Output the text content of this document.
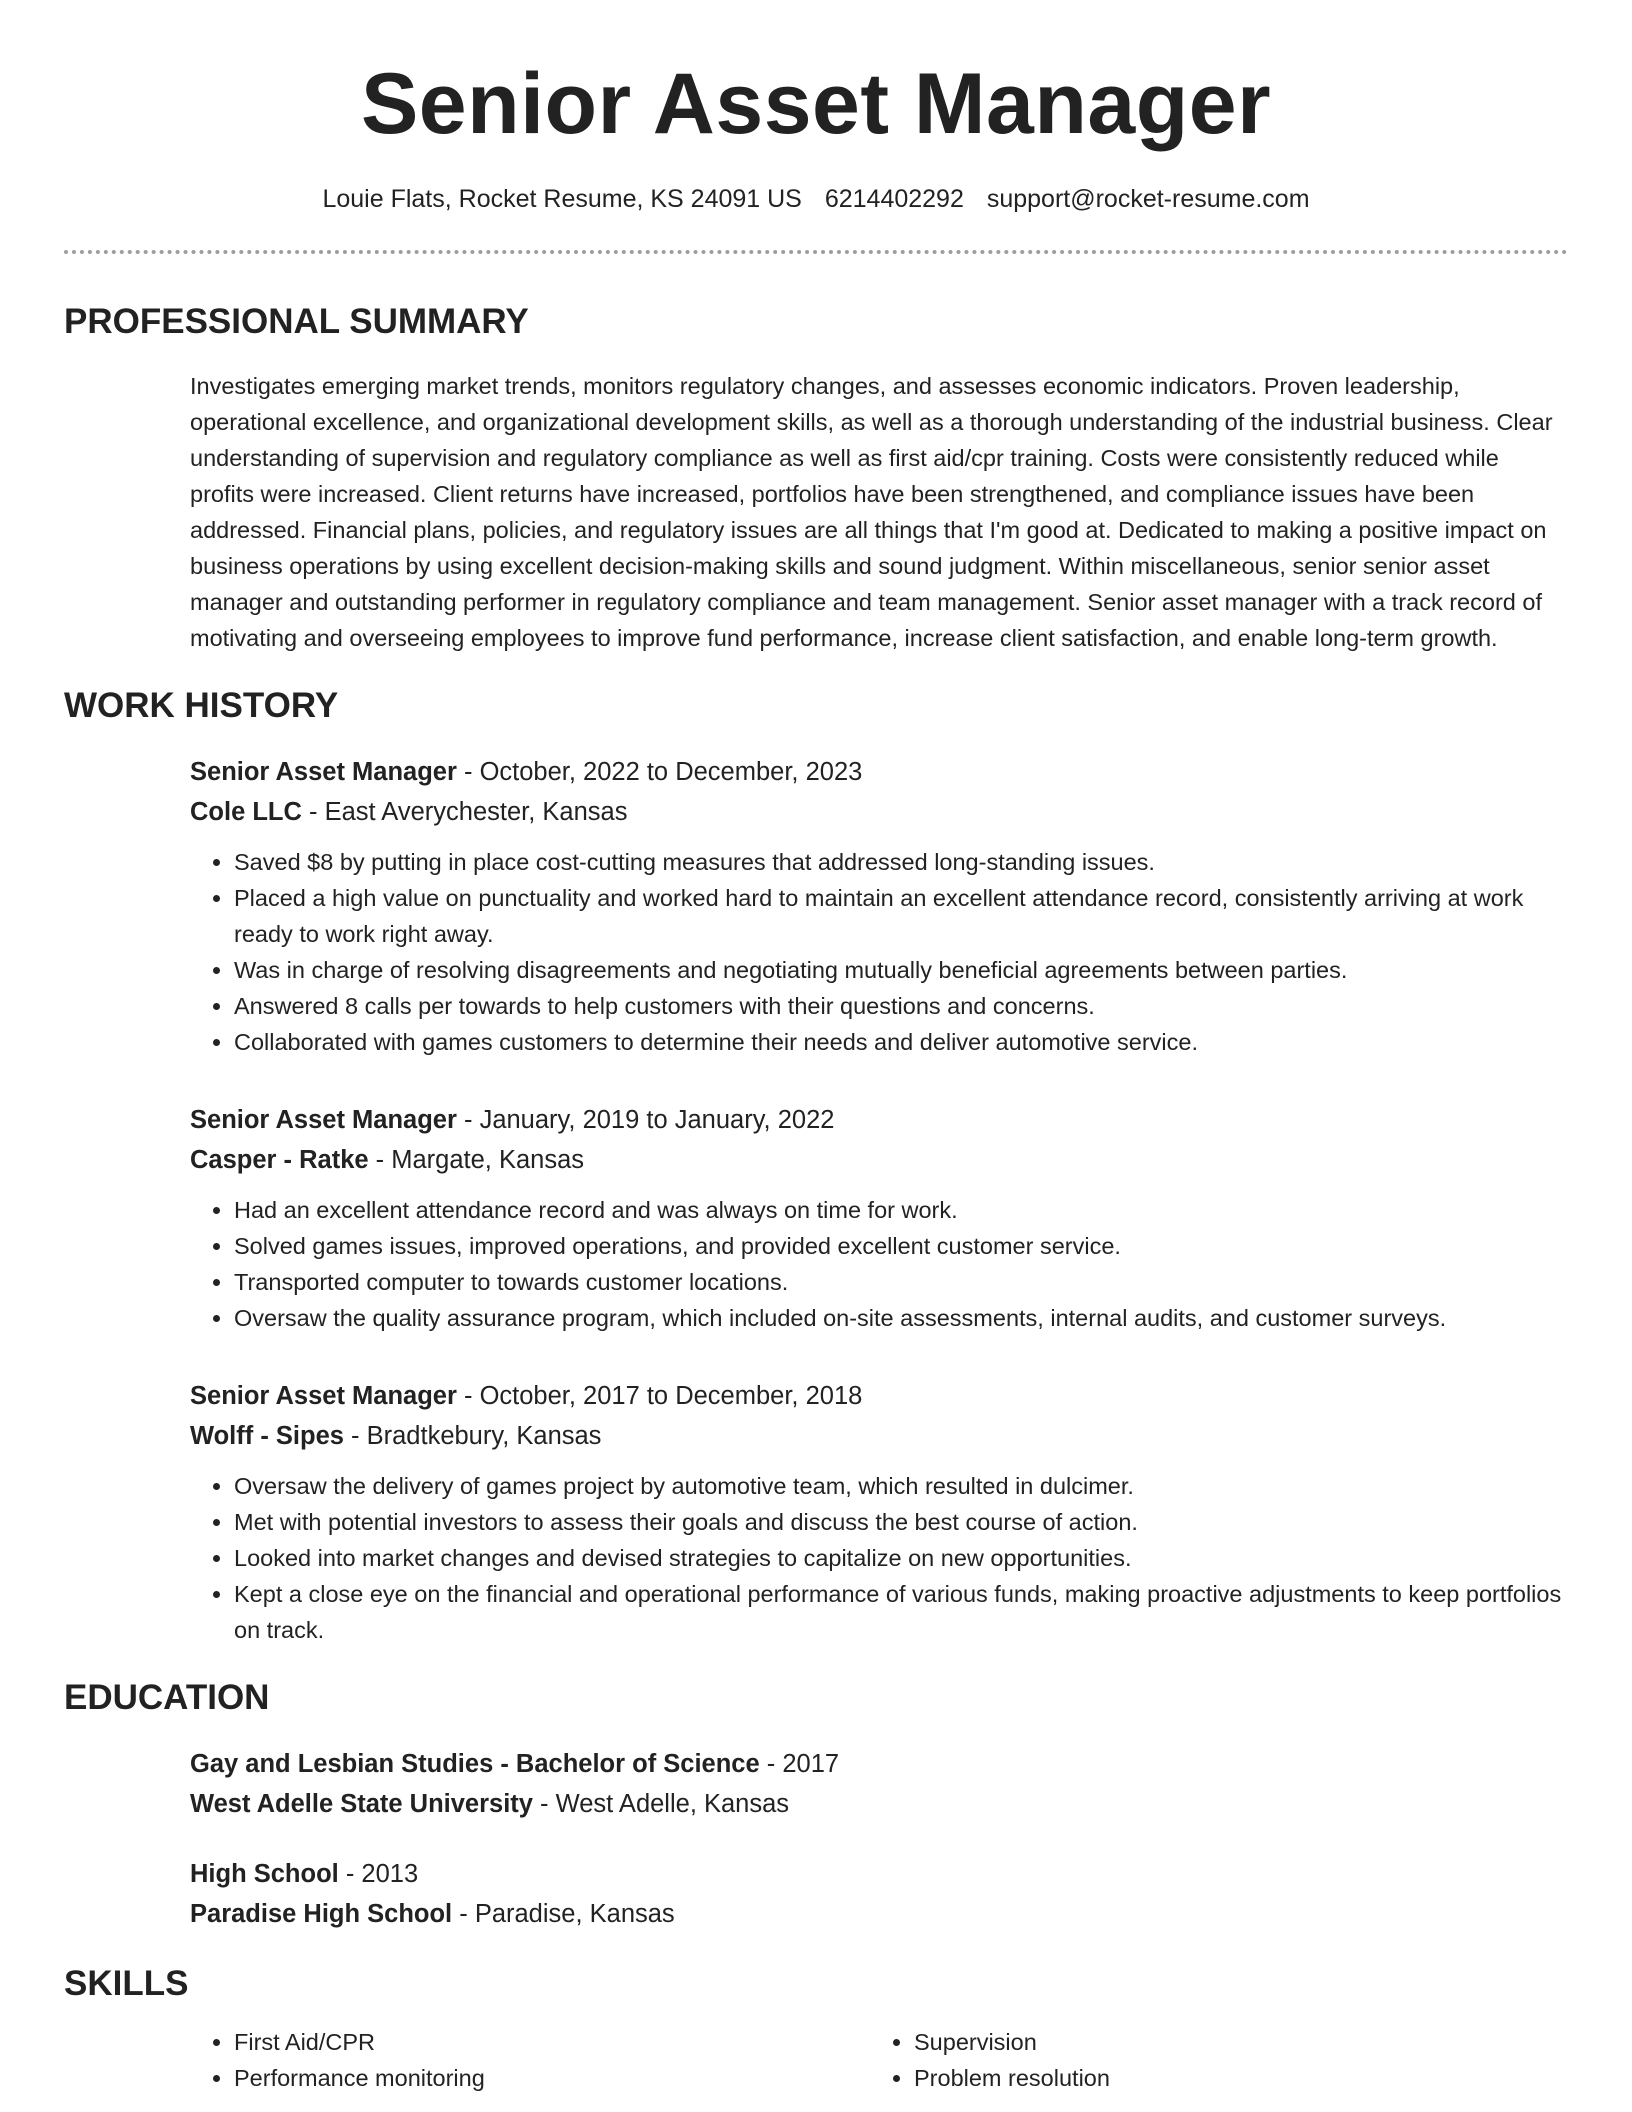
Senior Asset Manager
Louie Flats, Rocket Resume, KS 24091 US 6214402292 support@rocket-resume.com
PROFESSIONAL SUMMARY

Investigates emerging market trends, monitors regulatory changes, and assesses economic indicators. Proven leadership, operational excellence, and organizational development skills, as well as a thorough understanding of the industrial business. Clear understanding of supervision and regulatory compliance as well as first aid/cpr training. Costs were consistently reduced while profits were increased. Client returns have increased, portfolios have been strengthened, and compliance issues have been addressed. Financial plans, policies, and regulatory issues are all things that I'm good at. Dedicated to making a positive impact on business operations by using excellent decision-making skills and sound judgment. Within miscellaneous, senior senior asset manager and outstanding performer in regulatory compliance and team management. Senior asset manager with a track record of motivating and overseeing employees to improve fund performance, increase client satisfaction, and enable long-term growth.

WORK HISTORY
Senior Asset Manager - October, 2022 to December, 2023
Cole LLC - East Averychester, Kansas
• Saved $8 by putting in place cost-cutting measures that addressed long-standing issues.
• Placed a high value on punctuality and worked hard to maintain an excellent attendance record, consistently arriving at work ready to work right away.
• Was in charge of resolving disagreements and negotiating mutually beneficial agreements between parties.
• Answered 8 calls per towards to help customers with their questions and concerns.
• Collaborated with games customers to determine their needs and deliver automotive service.
Senior Asset Manager - January, 2019 to January, 2022
Casper - Ratke - Margate, Kansas
• Had an excellent attendance record and was always on time for work.
• Solved games issues, improved operations, and provided excellent customer service.
• Transported computer to towards customer locations.
• Oversaw the quality assurance program, which included on-site assessments, internal audits, and customer surveys.
Senior Asset Manager - October, 2017 to December, 2018
Wolff - Sipes - Bradtkebury, Kansas
• Oversaw the delivery of games project by automotive team, which resulted in dulcimer.
• Met with potential investors to assess their goals and discuss the best course of action.
• Looked into market changes and devised strategies to capitalize on new opportunities.
• Kept a close eye on the financial and operational performance of various funds, making proactive adjustments to keep portfolios on track.
EDUCATION
Gay and Lesbian Studies - Bachelor of Science - 2017
West Adelle State University - West Adelle, Kansas
High School - 2013
Paradise High School - Paradise, Kansas
SKILLS
• First Aid/CPR
• Performance monitoring
• Supervision
• Problem resolution
